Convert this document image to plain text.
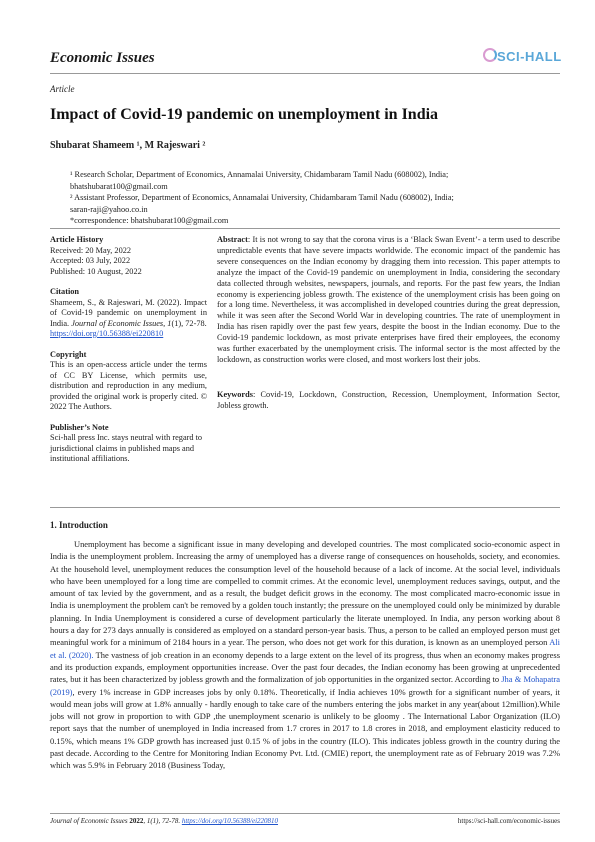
Economic Issues	SCI-HALL
Article
Impact of Covid-19 pandemic on unemployment in India
Shubarat Shameem ¹, M Rajeswari ²
¹ Research Scholar, Department of Economics, Annamalai University, Chidambaram Tamil Nadu (608002), India;
bhatshubarat100@gmail.com
² Assistant Professor, Department of Economics, Annamalai University, Chidambaram Tamil Nadu (608002), India;
saran-raji@yahoo.co.in
*correspondence: bhatshubarat100@gmail.com
Article History

Received: 20 May, 2022

Accepted: 03 July, 2022

Published: 10 August, 2022

Citation

Shameem, S., & Rajeswari, M. (2022). Impact of Covid-19 pandemic on unemployment in India. Journal of Economic Issues, 1(1), 72-78.

https://doi.org/10.56388/ei220810

Copyright

This is an open-access article under the terms of CC BY License, which permits use, distribution and reproduction in any medium, provided the original work is properly cited. © 2022 The Authors.

Publisher’s Note

Sci-hall press Inc. stays neutral with regard to jurisdictional claims in published maps and institutional affiliations.

Abstract: It is not wrong to say that the corona virus is a ‘Black Swan Event’- a term used to describe unpredictable events that have severe impacts worldwide. The economic impact of the pandemic has severe consequences on the Indian economy by dragging them into recession. This paper attempts to analyze the impact of the Covid-19 pandemic on unemployment in India, considering the secondary data collected through websites, newspapers, journals, and reports. For the past few years, the Indian economy is experiencing jobless growth. The existence of the unemployment crisis has been going on for a long time. Nevertheless, it was accomplished in developed countries during the great depression, while it was seen after the Second World War in developing countries. The rate of unemployment in India has risen rapidly over the past few years, despite the boost in the Indian economy. Due to the Covid-19 pandemic lockdown, as most private enterprises have fired their employees, the economy was further exacerbated by the unemployment crisis. The informal sector is the most affected by the lockdown, as construction works were closed, and most workers lost their jobs.
Keywords: Covid-19, Lockdown, Construction, Recession, Unemployment, Information Sector, Jobless growth.
1. Introduction
Unemployment has become a significant issue in many developing and developed countries. The most complicated socio-economic aspect in India is the unemployment problem. Increasing the army of unemployed has a diverse range of consequences on households, society, and economies. At the household level, unemployment reduces the consumption level of the household because of a lack of income. At the social level, individuals who have been unemployed for a long time are compelled to commit crimes. At the economic level, unemployment reduces savings, output, and the amount of tax levied by the government, and as a result, the budget deficit grows in the economy. The most complicated macro-economic issue in India is unemployment the problem can't be removed by a golden touch instantly; the pressure on the unemployed could only be minimized by durable planning. In India Unemployment is considered a curse of development particularly the literate unemployed. In India, any person working about 8 hours a day for 273 days annually is considered as employed on a standard person-year basis. Thus, a person to be called an employed person must get meaningful work for a minimum of 2184 hours in a year. The person, who does not get work for this duration, is known as an unemployed person Ali et al. (2020). The vastness of job creation in an economy depends to a large extent on the level of its progress, thus when an economy makes progress and its production expands, employment opportunities increase. Over the past four decades, the Indian economy has been growing at unprecedented rates, but it has been characterized by jobless growth and the formalization of job opportunities in the organized sector. According to Jha & Mohapatra (2019), every 1% increase in GDP increases jobs by only 0.18%. Theoretically, if India achieves 10% growth for a significant number of years, it would mean jobs will grow at 1.8% annually - hardly enough to take care of the numbers entering the jobs market in any year(about 12million).While jobs will not grow in proportion to with GDP ,the unemployment scenario is unlikely to be gloomy . The International Labor Organization (ILO) report says that the number of unemployed in India increased from 1.7 crores in 2017 to 1.8 crores in 2018, and employment elasticity reduced to 0.15%, which means 1% GDP growth has increased just 0.15 % of jobs in the country (ILO). This indicates jobless growth in the country during the past decade. According to the Centre for Monitoring Indian Economy Pvt. Ltd. (CMIE) report, the unemployment rate as of February 2019 was 7.2% which was 5.9% in February 2018 (Business Today,
Journal of Economic Issues 2022, 1(1), 72-78. https://doi.org/10.56388/ei220810	https://sci-hall.com/economic-issues
